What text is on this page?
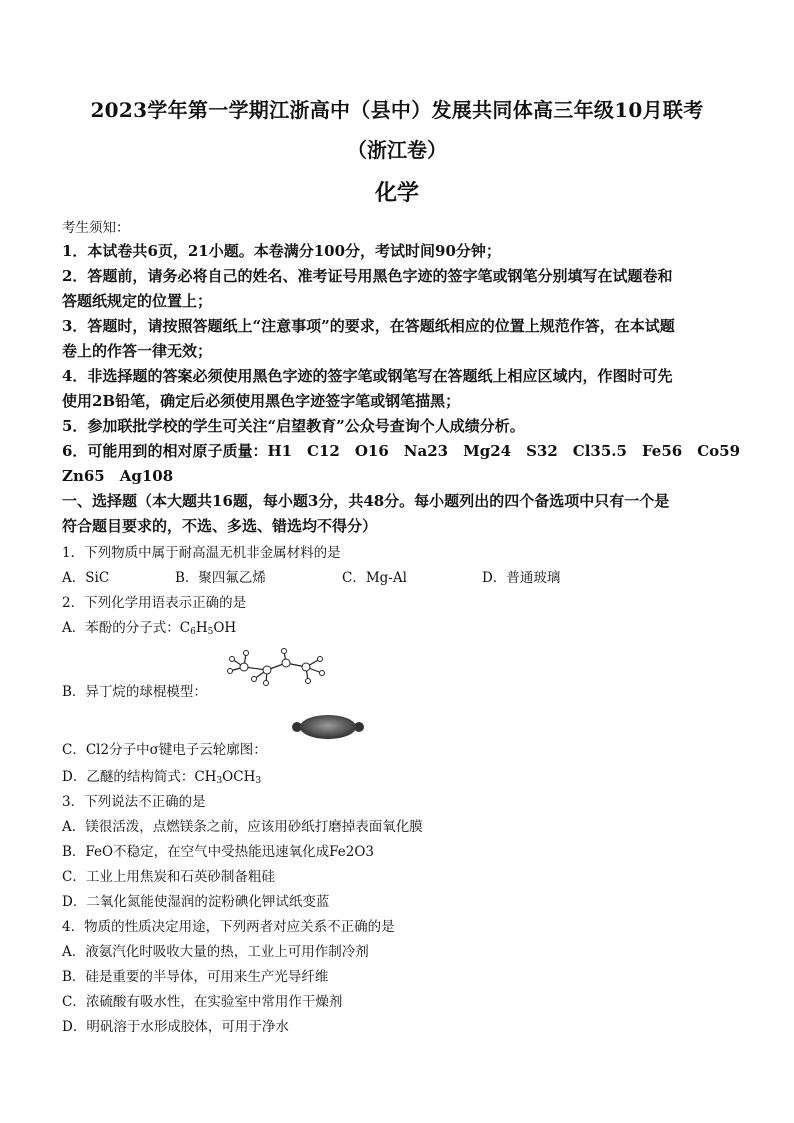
2023学年第一学期江浙高中（县中）发展共同体高三年级10月联考
（浙江卷）
化学
考生须知：
1．本试卷共6页，21小题。本卷满分100分，考试时间90分钟；
2．答题前，请务必将自己的姓名、准考证号用黑色字迹的签字笔或钢笔分别填写在试题卷和
答题纸规定的位置上；
3．答题时，请按照答题纸上“注意事项”的要求，在答题纸相应的位置上规范作答，在本试题
卷上的作答一律无效；
4．非选择题的答案必须使用黑色字迹的签字笔或钢笔写在答题纸上相应区域内，作图时可先
使用2B铅笔，确定后必须使用黑色字迹签字笔或钢笔描黑；
5．参加联批学校的学生可关注“启望教育”公众号查询个人成绩分析。
6．可能用到的相对原子质量：H1　C12　O16　Na23　Mg24　S32　Cl35.5　Fe56　Co59
Zn65　Ag108
一、选择题（本大题共16题，每小题3分，共48分。每小题列出的四个备选项中只有一个是
符合题目要求的，不选、多选、错选均不得分）
1．下列物质中属于耐高温无机非金属材料的是
A．SiC	B．聚四氟乙烯	C．Mg-Al	D．普通玻璃
2．下列化学用语表示正确的是
A．苯酚的分子式：$C_6H_5OH$
B．异丁烷的球棍模型：
C．Cl2分子中σ键电子云轮廓图：
D．乙醚的结构简式：$CH_3OCH_3$
3．下列说法不正确的是
A．镁很活泼，点燃镁条之前，应该用砂纸打磨掉表面氧化膜
B．FeO不稳定，在空气中受热能迅速氧化成Fe2O3
C．工业上用焦炭和石英砂制备粗硅
D．二氧化氮能使湿润的淀粉碘化钾试纸变蓝
4．物质的性质决定用途，下列两者对应关系不正确的是
A．液氨汽化时吸收大量的热，工业上可用作制冷剂
B．硅是重要的半导体，可用来生产光导纤维
C．浓硫酸有吸水性，在实验室中常用作干燥剂
D．明矾溶于水形成胶体，可用于净水
